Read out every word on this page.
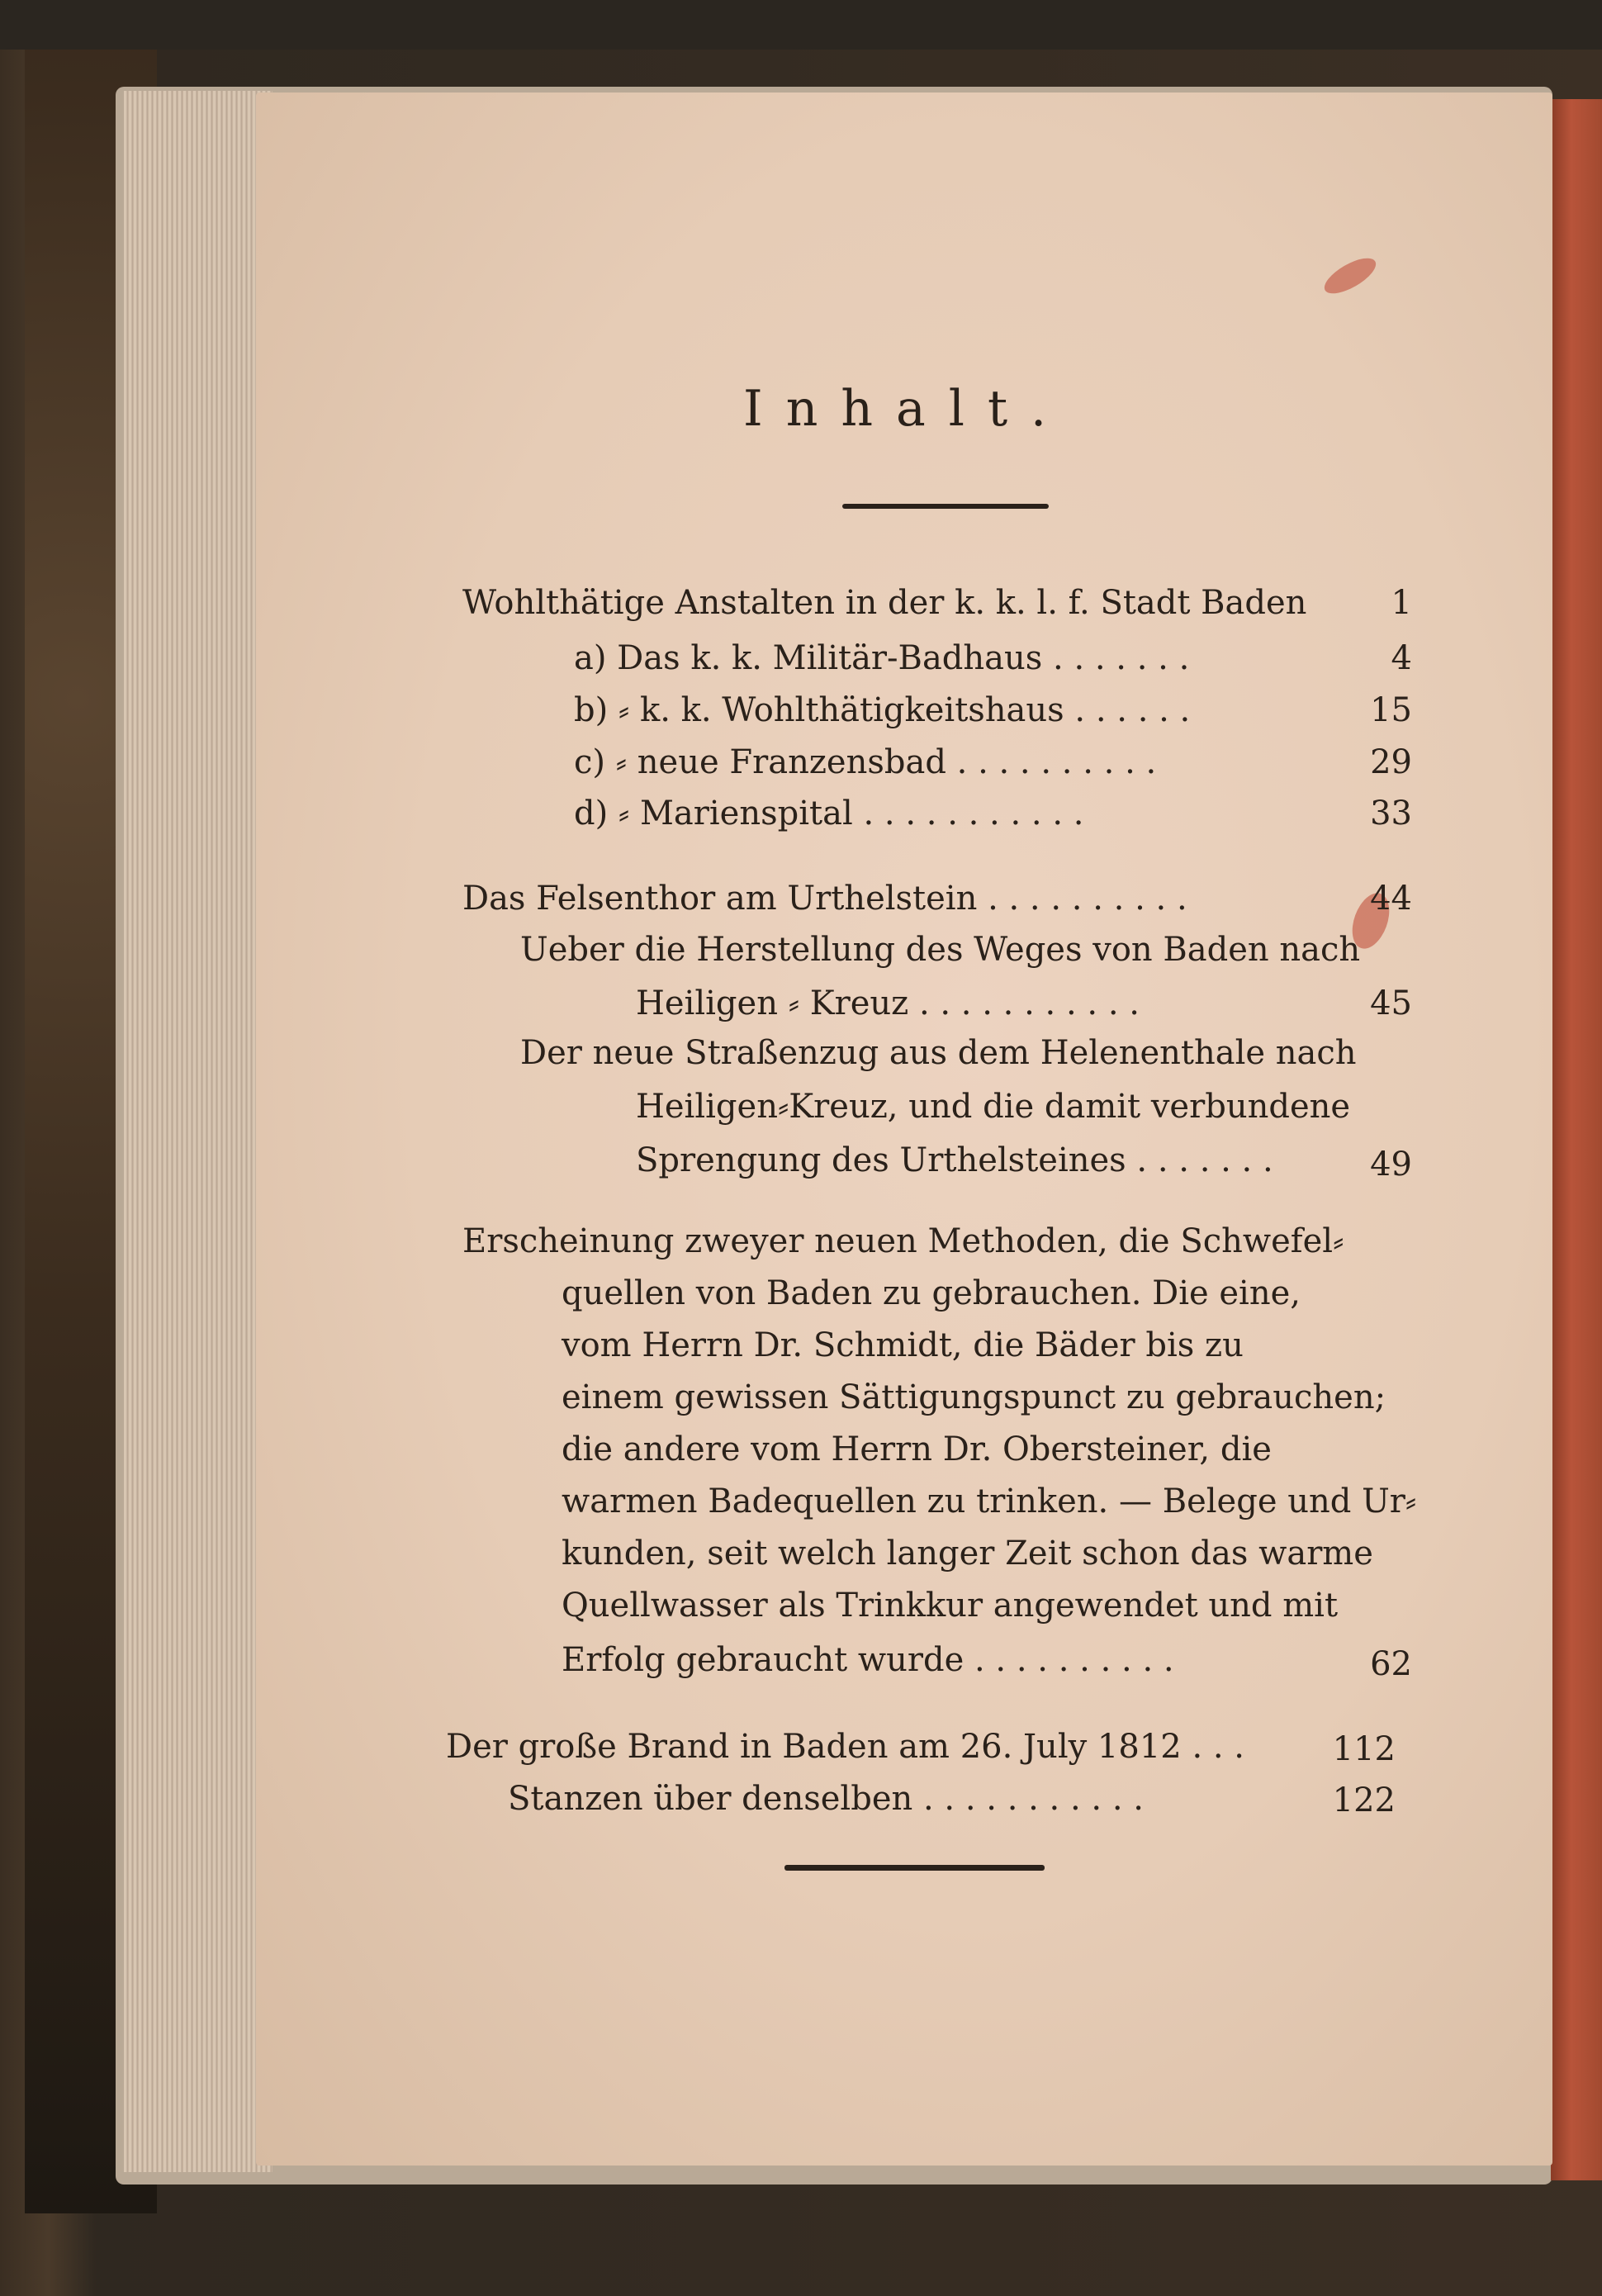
Inhalt.
Wohlthätige Anstalten in der k. k. l. f. Stadt Baden	1
a) Das k. k. Militär-Badhaus . . . . . . .	4
b) ⸗ k. k. Wohlthätigkeitshaus . . . . . .	15
c) ⸗ neue Franzensbad . . . . . . . . . .	29
d) ⸗ Marienspital . . . . . . . . . . .	33
Das Felsenthor am Urthelstein . . . . . . . . . .	44
Ueber die Herstellung des Weges von Baden nach
Heiligen ⸗ Kreuz . . . . . . . . . . .	45
Der neue Straßenzug aus dem Helenenthale nach
Heiligen⸗Kreuz, und die damit verbundene
Sprengung des Urthelsteines . . . . . . .	49
Erscheinung zweyer neuen Methoden, die Schwefel⸗
quellen von Baden zu gebrauchen. Die eine,
vom Herrn Dr. Schmidt, die Bäder bis zu
einem gewissen Sättigungspunct zu gebrauchen;
die andere vom Herrn Dr. Obersteiner, die
warmen Badequellen zu trinken. — Belege und Ur⸗
kunden, seit welch langer Zeit schon das warme
Quellwasser als Trinkkur angewendet und mit
Erfolg gebraucht wurde . . . . . . . . . .	62
Der große Brand in Baden am 26. July 1812 . . .	112
Stanzen über denselben . . . . . . . . . . .	122
